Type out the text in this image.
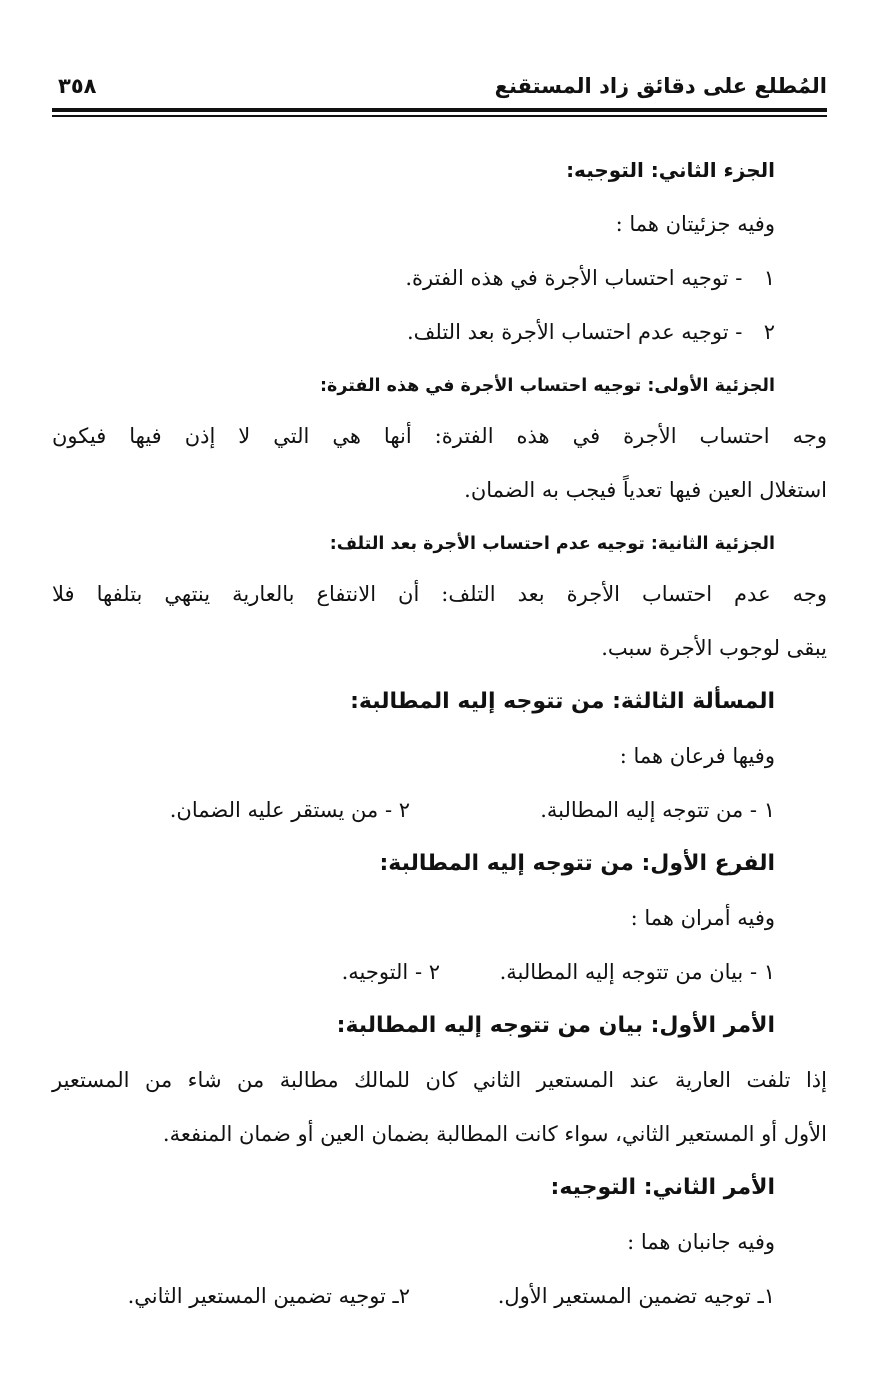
المُطلع على دقائق زاد المستقنع
٣٥٨
الجزء الثاني: التوجيه:
وفيه جزئيتان هما :
١ - توجيه احتساب الأجرة في هذه الفترة.
٢ - توجيه عدم احتساب الأجرة بعد التلف.
الجزئية الأولى: توجيه احتساب الأجرة في هذه الفترة:
وجه احتساب الأجرة في هذه الفترة: أنها هي التي لا إذن فيها فيكون
استغلال العين فيها تعدياً فيجب به الضمان.
الجزئية الثانية: توجيه عدم احتساب الأجرة بعد التلف:
وجه عدم احتساب الأجرة بعد التلف: أن الانتفاع بالعارية ينتهي بتلفها فلا
يبقى لوجوب الأجرة سبب.
المسألة الثالثة: من تتوجه إليه المطالبة:
وفيها فرعان هما :
١ - من تتوجه إليه المطالبة.
٢ - من يستقر عليه الضمان.
الفرع الأول: من تتوجه إليه المطالبة:
وفيه أمران هما :
١ - بيان من تتوجه إليه المطالبة.
٢ - التوجيه.
الأمر الأول: بيان من تتوجه إليه المطالبة:
إذا تلفت العارية عند المستعير الثاني كان للمالك مطالبة من شاء من المستعير
الأول أو المستعير الثاني، سواء كانت المطالبة بضمان العين أو ضمان المنفعة.
الأمر الثاني: التوجيه:
وفيه جانبان هما :
١ـ توجيه تضمين المستعير الأول.
٢ـ توجيه تضمين المستعير الثاني.
